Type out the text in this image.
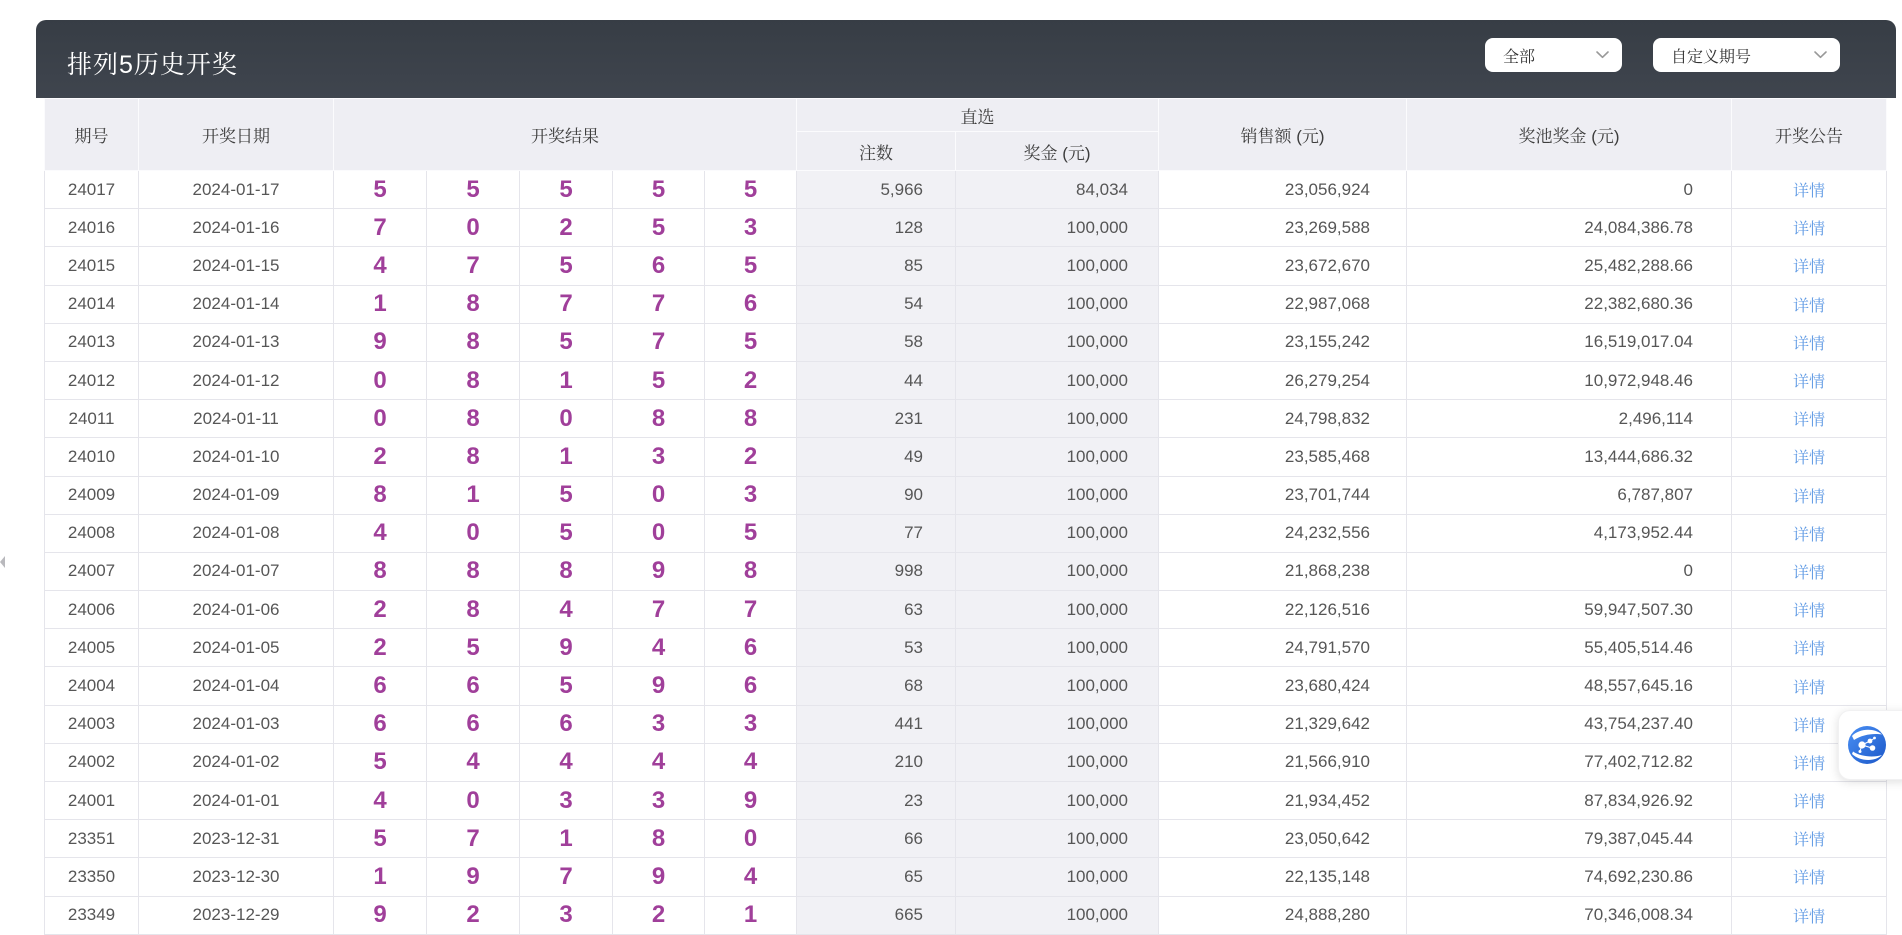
排列5历史开奖	全部	自定义期号
期号	开奖日期	开奖结果					直选		销售额 (元)	奖池奖金 (元)	开奖公告
							注数	奖金 (元)			
24017	2024-01-17	5	5	5	5	5	5,966	84,034	23,056,924	0	详情
24016	2024-01-16	7	0	2	5	3	128	100,000	23,269,588	24,084,386.78	详情
24015	2024-01-15	4	7	5	6	5	85	100,000	23,672,670	25,482,288.66	详情
24014	2024-01-14	1	8	7	7	6	54	100,000	22,987,068	22,382,680.36	详情
24013	2024-01-13	9	8	5	7	5	58	100,000	23,155,242	16,519,017.04	详情
24012	2024-01-12	0	8	1	5	2	44	100,000	26,279,254	10,972,948.46	详情
24011	2024-01-11	0	8	0	8	8	231	100,000	24,798,832	2,496,114	详情
24010	2024-01-10	2	8	1	3	2	49	100,000	23,585,468	13,444,686.32	详情
24009	2024-01-09	8	1	5	0	3	90	100,000	23,701,744	6,787,807	详情
24008	2024-01-08	4	0	5	0	5	77	100,000	24,232,556	4,173,952.44	详情
24007	2024-01-07	8	8	8	9	8	998	100,000	21,868,238	0	详情
24006	2024-01-06	2	8	4	7	7	63	100,000	22,126,516	59,947,507.30	详情
24005	2024-01-05	2	5	9	4	6	53	100,000	24,791,570	55,405,514.46	详情
24004	2024-01-04	6	6	5	9	6	68	100,000	23,680,424	48,557,645.16	详情
24003	2024-01-03	6	6	6	3	3	441	100,000	21,329,642	43,754,237.40	详情
24002	2024-01-02	5	4	4	4	4	210	100,000	21,566,910	77,402,712.82	详情
24001	2024-01-01	4	0	3	3	9	23	100,000	21,934,452	87,834,926.92	详情
23351	2023-12-31	5	7	1	8	0	66	100,000	23,050,642	79,387,045.44	详情
23350	2023-12-30	1	9	7	9	4	65	100,000	22,135,148	74,692,230.86	详情
23349	2023-12-29	9	2	3	2	1	665	100,000	24,888,280	70,346,008.34	详情
